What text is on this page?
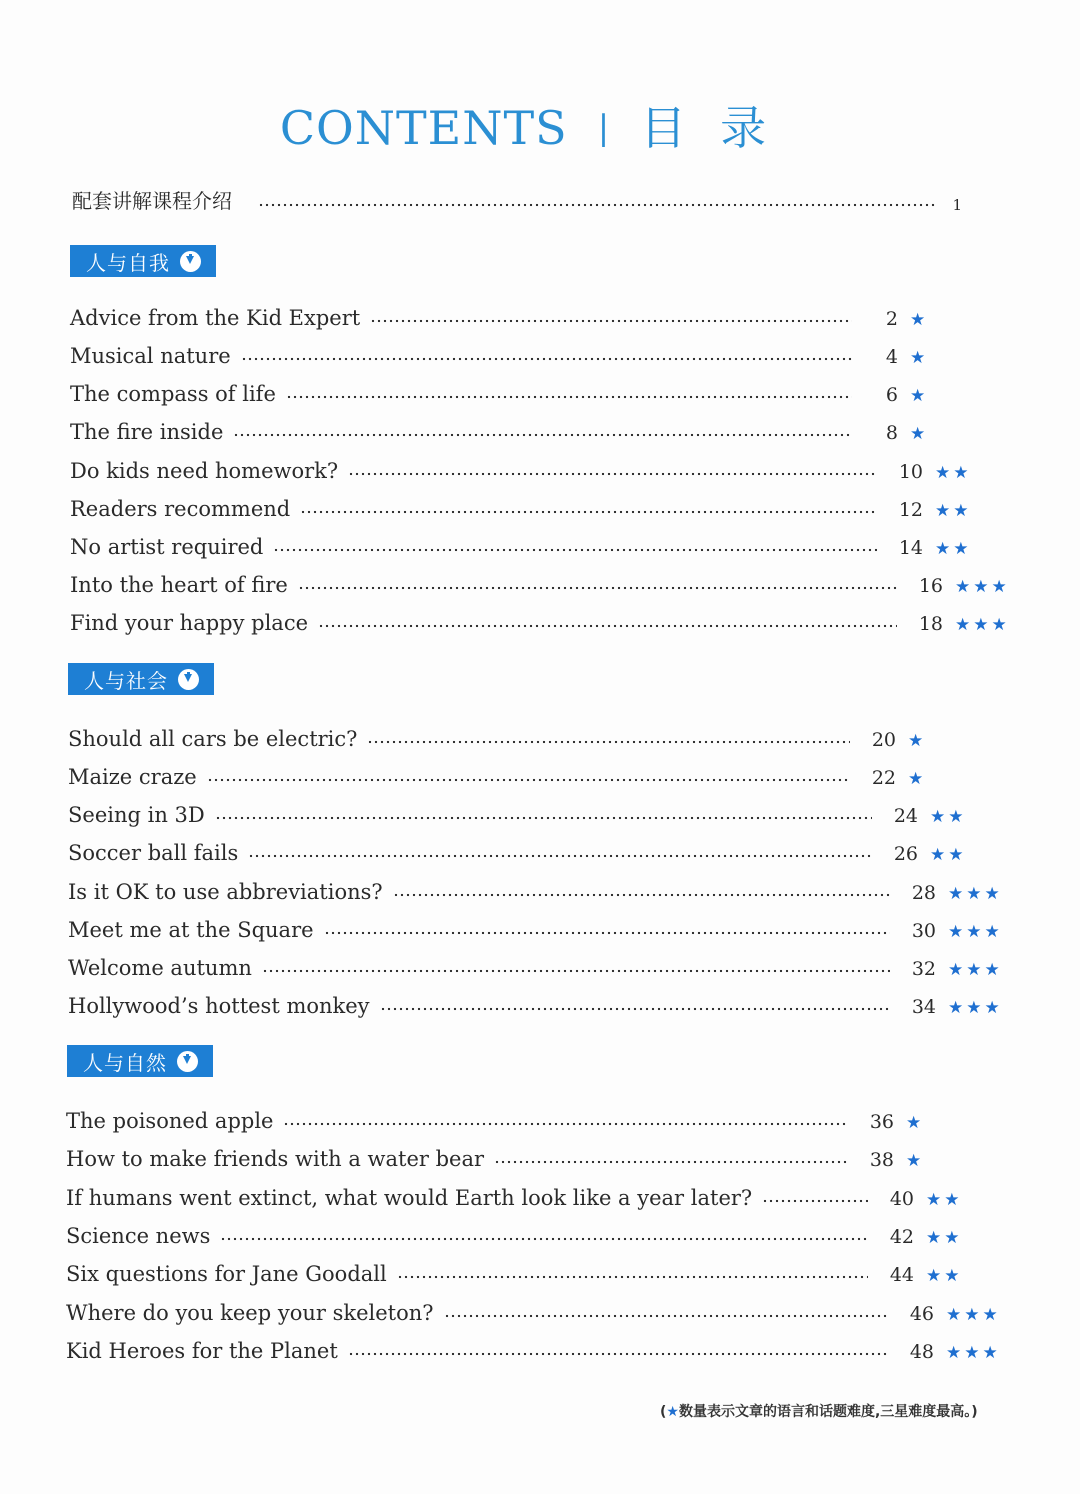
CONTENTS | 目录
配套讲解课程介绍	1
人与自我
Advice from the Kid Expert	2 ★
Musical nature	4 ★
The compass of life	6 ★
The fire inside	8 ★
Do kids need homework?	10 ★★
Readers recommend	12 ★★
No artist required	14 ★★
Into the heart of fire	16 ★★★
Find your happy place	18 ★★★
人与社会
Should all cars be electric?	20 ★
Maize craze	22 ★
Seeing in 3D	24 ★★
Soccer ball fails	26 ★★
Is it OK to use abbreviations?	28 ★★★
Meet me at the Square	30 ★★★
Welcome autumn	32 ★★★
Hollywood’s hottest monkey	34 ★★★
人与自然
The poisoned apple	36 ★
How to make friends with a water bear	38 ★
If humans went extinct, what would Earth look like a year later?	40 ★★
Science news	42 ★★
Six questions for Jane Goodall	44 ★★
Where do you keep your skeleton?	46 ★★★
Kid Heroes for the Planet	48 ★★★
(★数量表示文章的语言和话题难度,三星难度最高。)
